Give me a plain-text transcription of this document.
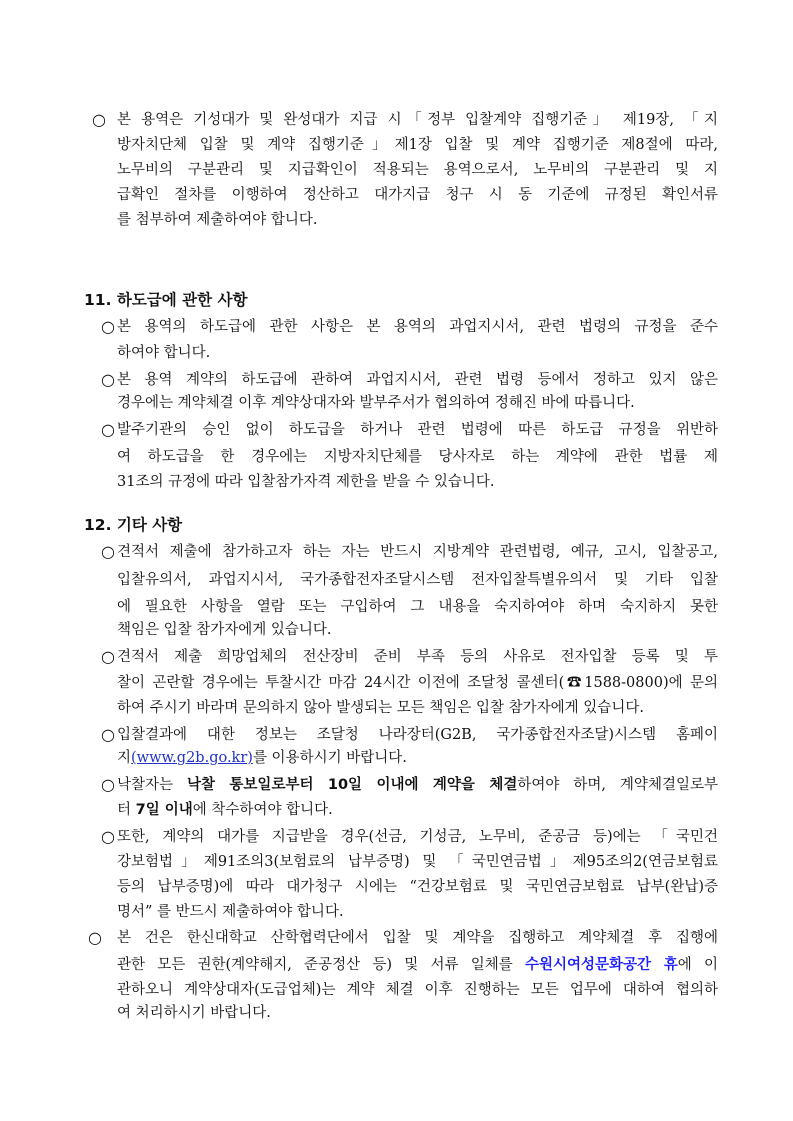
○ 본 용역은 기성대가 및 완성대가 지급 시「정부 입찰계약 집행기준」 제19장, 「지
방자치단체 입찰 및 계약 집행기준」제1장 입찰 및 계약 집행기준 제8절에 따라,
노무비의 구분관리 및 지급확인이 적용되는 용역으로서, 노무비의 구분관리 및 지
급확인 절차를 이행하여 정산하고 대가지급 청구 시 동 기준에 규정된 확인서류
를 첨부하여 제출하여야 합니다.
11. 하도급에 관한 사항
○ 본 용역의 하도급에 관한 사항은 본 용역의 과업지시서, 관련 법령의 규정을 준수
하여야 합니다.
○ 본 용역 계약의 하도급에 관하여 과업지시서, 관련 법령 등에서 정하고 있지 않은
경우에는 계약체결 이후 계약상대자와 발부주서가 협의하여 정해진 바에 따릅니다.
○ 발주기관의 승인 없이 하도급을 하거나 관련 법령에 따른 하도급 규정을 위반하
여 하도급을 한 경우에는 지방자치단체를 당사자로 하는 계약에 관한 법률 제
31조의 규정에 따라 입찰참가자격 제한을 받을 수 있습니다.
12. 기타 사항
○ 견적서 제출에 참가하고자 하는 자는 반드시 지방계약 관련법령, 예규, 고시, 입찰공고,
입찰유의서, 과업지시서, 국가종합전자조달시스템 전자입찰특별유의서 및 기타 입찰
에 필요한 사항을 열람 또는 구입하여 그 내용을 숙지하여야 하며 숙지하지 못한
책임은 입찰 참가자에게 있습니다.
○ 견적서 제출 희망업체의 전산장비 준비 부족 등의 사유로 전자입찰 등록 및 투
찰이 곤란할 경우에는 투찰시간 마감 24시간 이전에 조달청 콜센터(☎1588-0800)에 문의
하여 주시기 바라며 문의하지 않아 발생되는 모든 책임은 입찰 참가자에게 있습니다.
○ 입찰결과에 대한 정보는 조달청 나라장터(G2B, 국가종합전자조달)시스템 홈페이
지(www.g2b.go.kr)를 이용하시기 바랍니다.
○ 낙찰자는 낙찰 통보일로부터 10일 이내에 계약을 체결하여야 하며, 계약체결일로부
터 7일 이내에 착수하여야 합니다.
○ 또한, 계약의 대가를 지급받을 경우(선금, 기성금, 노무비, 준공금 등)에는 「국민건
강보험법」제91조의3(보험료의 납부증명) 및 「국민연금법」제95조의2(연금보험료
등의 납부증명)에 따라 대가청구 시에는 “건강보험료 및 국민연금보험료 납부(완납)증
명서” 를 반드시 제출하여야 합니다.
○ 본 건은 한신대학교 산학협력단에서 입찰 및 계약을 집행하고 계약체결 후 집행에
관한 모든 권한(계약해지, 준공정산 등) 및 서류 일체를 수원시여성문화공간 휴에 이
관하오니 계약상대자(도급업체)는 계약 체결 이후 진행하는 모든 업무에 대하여 협의하
여 처리하시기 바랍니다.
